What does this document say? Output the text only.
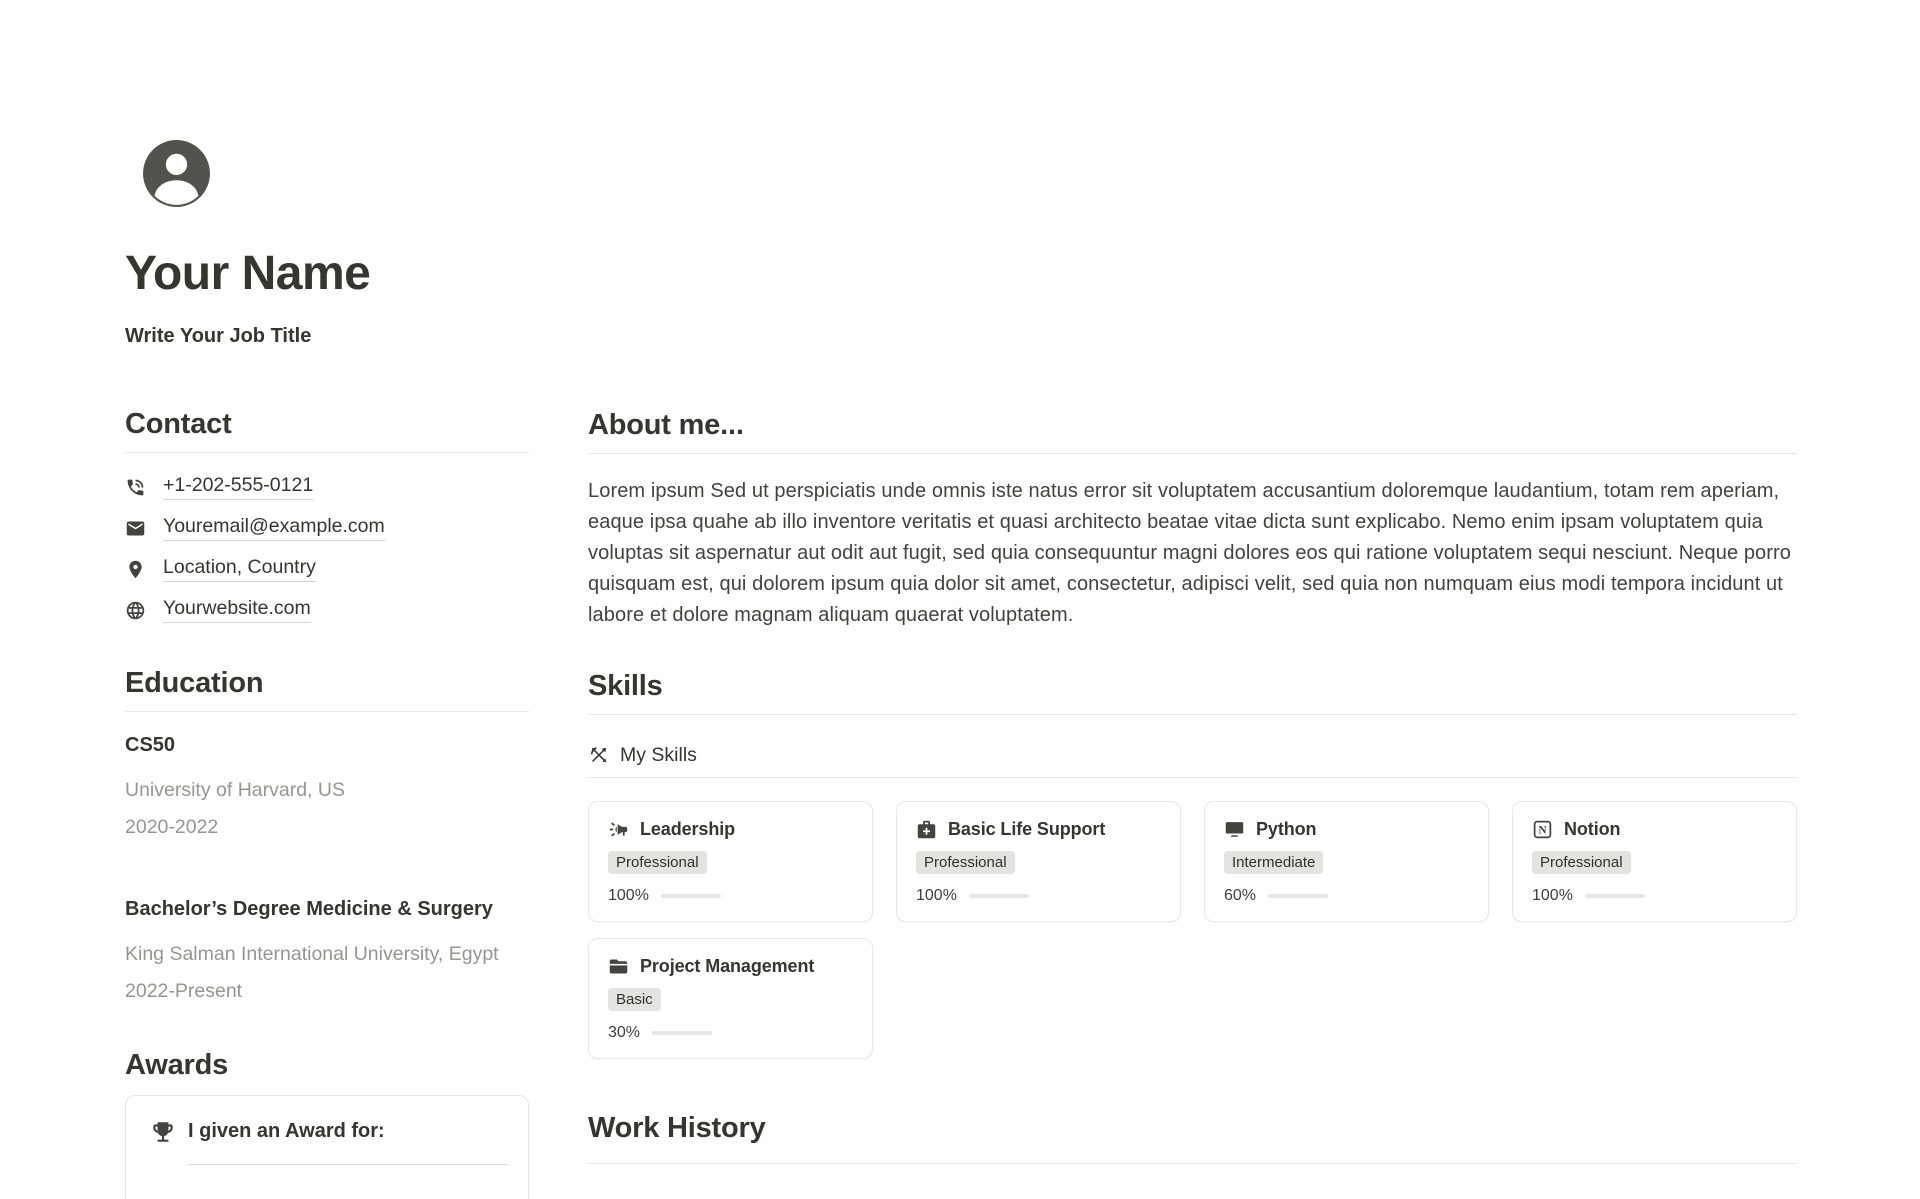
Your Name
Write Your Job Title
Contact
+1-202-555-0121
Youremail@example.com
Location, Country
Yourwebsite.com
Education
CS50
University of Harvard, US
2020-2022
Bachelor’s Degree Medicine & Surgery
King Salman International University, Egypt
2022-Present
Awards
I given an Award for:
About me...

Lorem ipsum Sed ut perspiciatis unde omnis iste natus error sit voluptatem accusantium doloremque laudantium, totam rem aperiam, eaque ipsa quahe ab illo inventore veritatis et quasi architecto beatae vitae dicta sunt explicabo. Nemo enim ipsam voluptatem quia voluptas sit aspernatur aut odit aut fugit, sed quia consequuntur magni dolores eos qui ratione voluptatem sequi nesciunt. Neque porro quisquam est, qui dolorem ipsum quia dolor sit amet, consectetur, adipisci velit, sed quia non numquam eius modi tempora incidunt ut labore et dolore magnam aliquam quaerat voluptatem.

Skills
My Skills
Leadership
Professional
100%
Basic Life Support
Professional
100%
Python
Intermediate
60%
N Notion
Professional
100%
Project Management
Basic
30%
Work History
